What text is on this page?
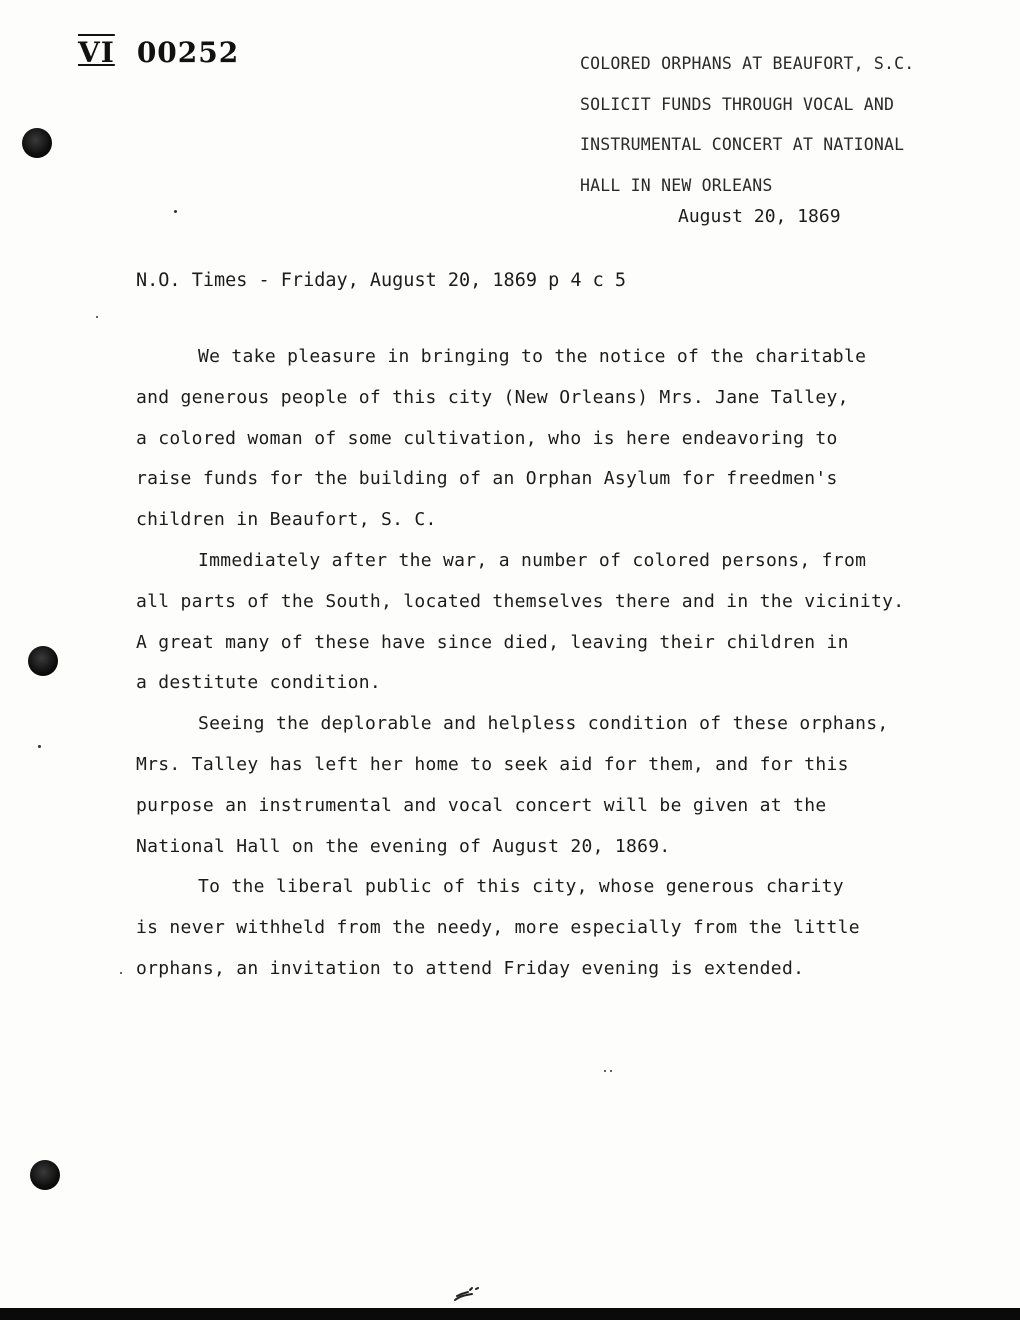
VI 00252	COLORED ORPHANS AT BEAUFORT, S.C.
SOLICIT FUNDS THROUGH VOCAL AND
INSTRUMENTAL CONCERT AT NATIONAL
HALL IN NEW ORLEANS
August 20, 1869
N.O. Times - Friday, August 20, 1869 p 4 c 5
We take pleasure in bringing to the notice of the charitable
and generous people of this city (New Orleans) Mrs. Jane Talley,
a colored woman of some cultivation, who is here endeavoring to
raise funds for the building of an Orphan Asylum for freedmen's
children in Beaufort, S. C.
Immediately after the war, a number of colored persons, from
all parts of the South, located themselves there and in the vicinity.
A great many of these have since died, leaving their children in
a destitute condition.
Seeing the deplorable and helpless condition of these orphans,
Mrs. Talley has left her home to seek aid for them, and for this
purpose an instrumental and vocal concert will be given at the
National Hall on the evening of August 20, 1869.
To the liberal public of this city, whose generous charity
is never withheld from the needy, more especially from the little
orphans, an invitation to attend Friday evening is extended.
